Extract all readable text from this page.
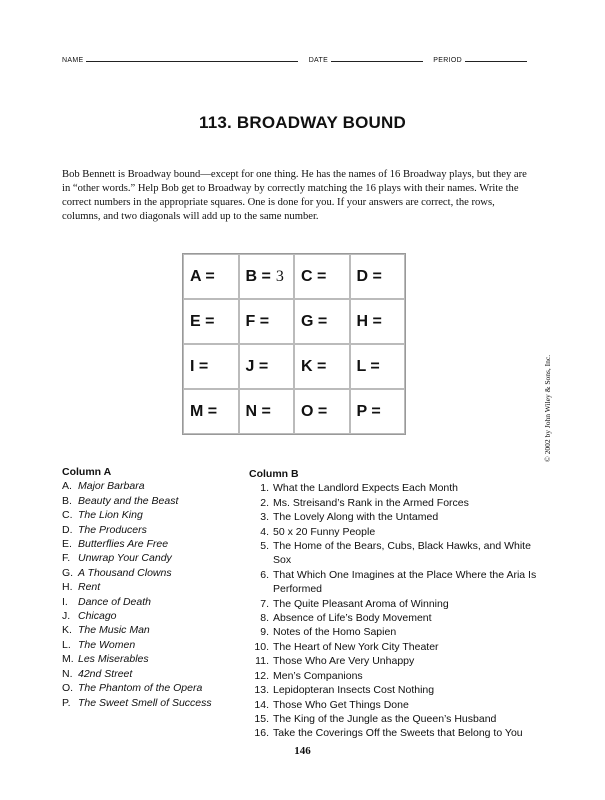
NAME	DATE	PERIOD
113. BROADWAY BOUND
Bob Bennett is Broadway bound—except for one thing. He has the names of 16 Broadway plays, but they are in “other words.” Help Bob get to Broadway by correctly matching the 16 plays with their names. Write the correct numbers in the appropriate squares. One is done for you. If your answers are correct, the rows, columns, and two diagonals will add up to the same number.
A = B = 3 C = D =
E = F = G = H =
I = J = K = L =
M = N = O = P =	© 2002 by John Wiley & Sons, Inc.
Column A
A. Major Barbara
B. Beauty and the Beast
C. The Lion King
D. The Producers
E. Butterflies Are Free
F. Unwrap Your Candy
G. A Thousand Clowns
H. Rent
I. Dance of Death
J. Chicago
K. The Music Man
L. The Women
M. Les Miserables
N. 42nd Street
O. The Phantom of the Opera
P. The Sweet Smell of Success
Column B
1. What the Landlord Expects Each Month
2. Ms. Streisand’s Rank in the Armed Forces
3. The Lovely Along with the Untamed
4. 50 x 20 Funny People
5. The Home of the Bears, Cubs, Black Hawks, and White Sox
6. That Which One Imagines at the Place Where the Aria Is Performed
7. The Quite Pleasant Aroma of Winning
8. Absence of Life’s Body Movement
9. Notes of the Homo Sapien
10. The Heart of New York City Theater
11. Those Who Are Very Unhappy
12. Men’s Companions
13. Lepidopteran Insects Cost Nothing
14. Those Who Get Things Done
15. The King of the Jungle as the Queen’s Husband
16. Take the Coverings Off the Sweets that Belong to You
146
